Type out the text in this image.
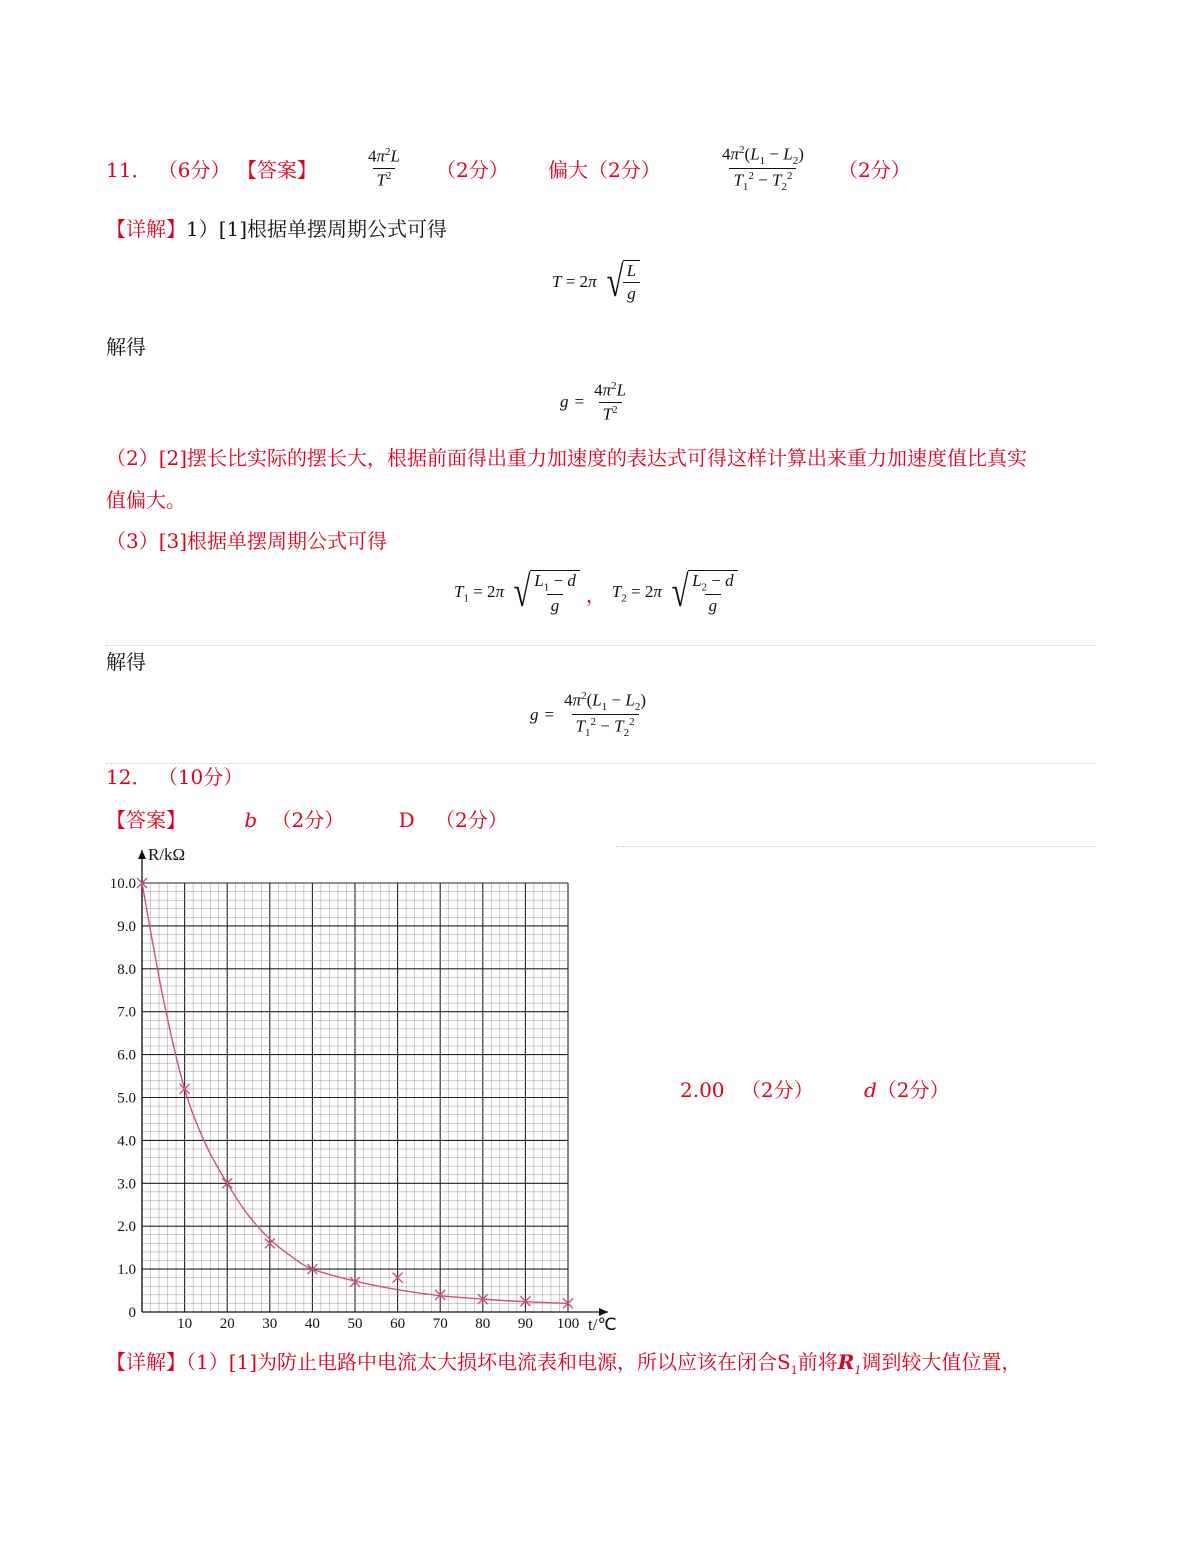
11． （6分） 【答案】	$\frac{4\pi^2L}{T^2} (2$分） 偏大（2分）	$\frac{4\pi^2(L_1 - L_2)}{T_1^2 - T_2^2} (2$分）
【详解】1）[1]根据单摆周期公式可得
T = 2π √ $\frac{L}{g}$
解得
$g = \frac{4\pi^2L}{T^2}$
（2）[2]摆长比实际的摆长大，根据前面得出重力加速度的表达式可得这样计算出来重力加速度值比真实
值偏大。
（3）[3]根据单摆周期公式可得
$T_1 = 2\pi$ √ $\frac{L_1 - d}{g}$ ， $T_2 = 2\pi$ √ $\frac{L_2 - d}{g}$
解得
$g = \frac{4\pi^2(L_1 - L_2)}{T_1^2 - T_2^2}$
12． （10分）
【答案】	b （2分）	D （2分）
10 20 30 40 50 60 70 80 90 100
0
1.0
2.0
3.0
4.0
5.0
6.0
7.0
8.0
9.0
10.0
R/kΩ
t/℃
2.00 （2分）	d（2分）
【详解】（1）[1]为防止电路中电流太大损坏电流表和电源，所以应该在闭合$S_1$前将$R_1$调到较大值位置，
